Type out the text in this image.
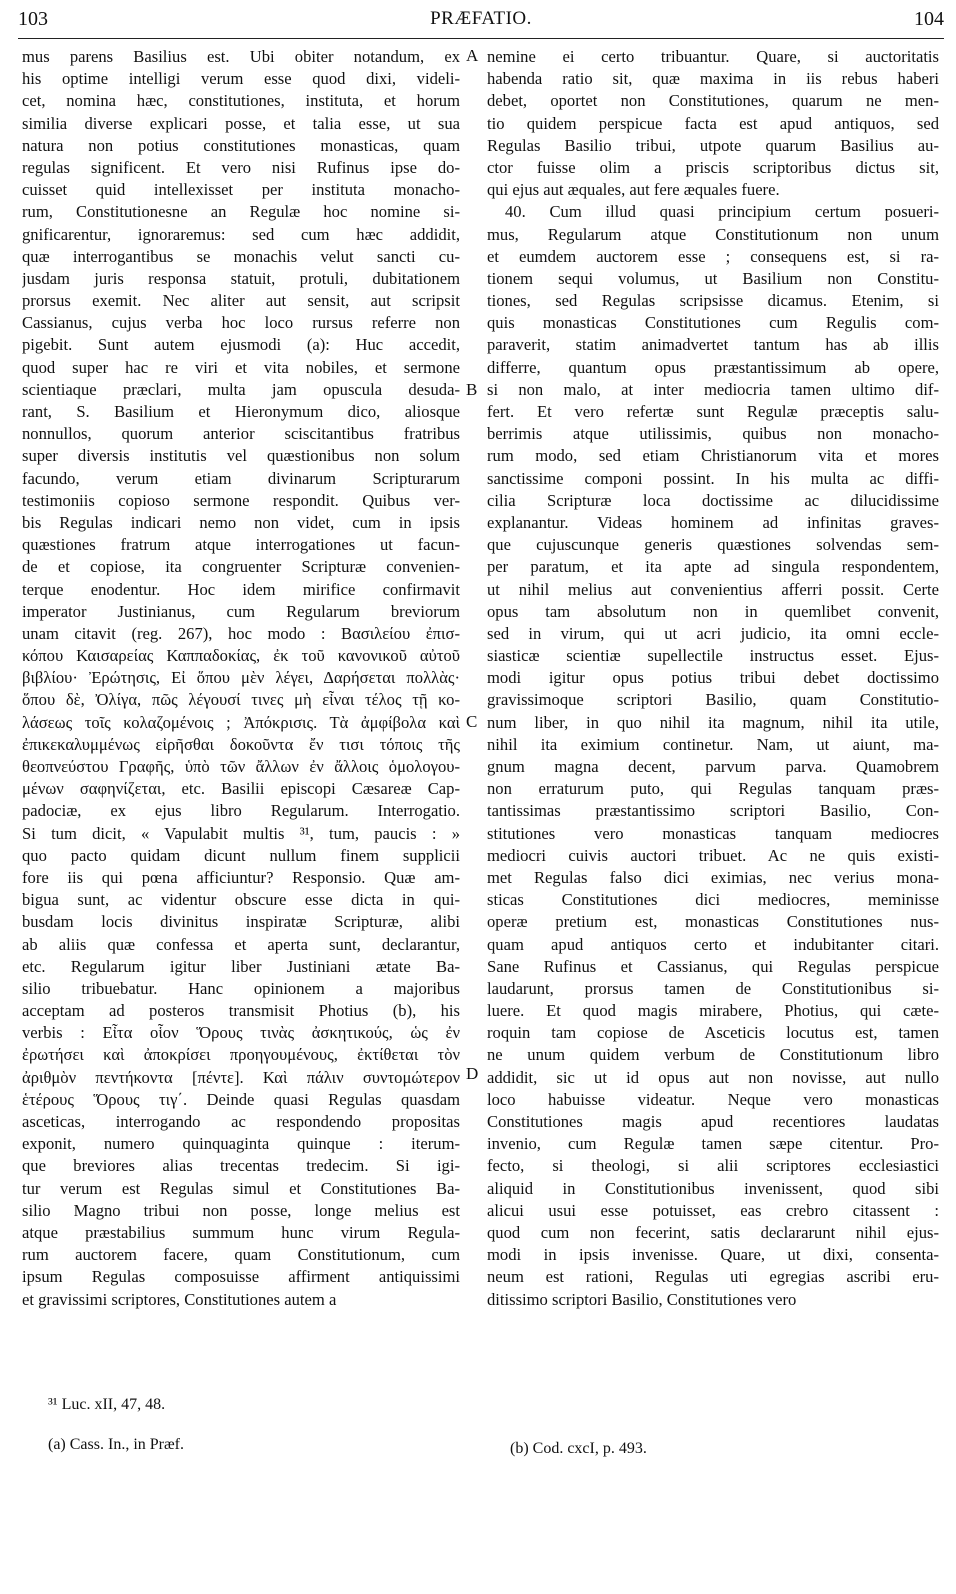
103	PRÆFATIO.	104
mus parens Basilius est. Ubi obiter notandum, ex
his optime intelligi verum esse quod dixi, videli-
cet, nomina hæc, constitutiones, instituta, et horum
similia diverse explicari posse, et talia esse, ut sua
natura non potius constitutiones monasticas, quam
regulas significent. Et vero nisi Rufinus ipse do-
cuisset quid intellexisset per instituta monacho-
rum, Constitutionesne an Regulæ hoc nomine si-
gnificarentur, ignoraremus: sed cum hæc addidit,
quæ interrogantibus se monachis velut sancti cu-
jusdam juris responsa statuit, protuli, dubitationem
prorsus exemit. Nec aliter aut sensit, aut scripsit
Cassianus, cujus verba hoc loco rursus referre non
pigebit. Sunt autem ejusmodi (a): Huc accedit,
quod super hac re viri et vita nobiles, et sermone
scientiaque præclari, multa jam opuscula desuda-
rant, S. Basilium et Hieronymum dico, aliosque
nonnullos, quorum anterior sciscitantibus fratribus
super diversis institutis vel quæstionibus non solum
facundo, verum etiam divinarum Scripturarum
testimoniis copioso sermone respondit. Quibus ver-
bis Regulas indicari nemo non videt, cum in ipsis
quæstiones fratrum atque interrogationes ut facun-
de et copiose, ita congruenter Scripturæ convenien-
terque enodentur. Hoc idem mirifice confirmavit
imperator Justinianus, cum Regularum breviorum
unam citavit (reg. 267), hoc modo : Βασιλείου ἐπισ-
κόπου Καισαρείας Καππαδοκίας, ἐκ τοῦ κανονικοῦ αὐτοῦ
βιβλίου· Ἐρώτησις, Εἰ ὅπου μὲν λέγει, Δαρήσεται πολλὰς·
ὅπου δὲ, Ὀλίγα, πῶς λέγουσί τινες μὴ εἶναι τέλος τῇ κο-
λάσεως τοῖς κολαζομένοις ; Ἀπόκρισις. Τὰ ἀμφίβολα καὶ
ἐπικεκαλυμμένως εἰρῆσθαι δοκοῦντα ἔν τισι τόποις τῆς
θεοπνεύστου Γραφῆς, ὑπὸ τῶν ἄλλων ἐν ἄλλοις ὁμολογου-
μένων σαφηνίζεται, etc. Basilii episcopi Cæsareæ Cap-
padociæ, ex ejus libro Regularum. Interrogatio.
Si tum dicit, « Vapulabit multis ³¹, tum, paucis : »
quo pacto quidam dicunt nullum finem supplicii
fore iis qui pœna afficiuntur? Responsio. Quæ am-
bigua sunt, ac videntur obscure esse dicta in qui-
busdam locis divinitus inspiratæ Scripturæ, alibi
ab aliis quæ confessa et aperta sunt, declarantur,
etc. Regularum igitur liber Justiniani ætate Ba-
silio tribuebatur. Hanc opinionem a majoribus
acceptam ad posteros transmisit Photius (b), his
verbis : Εἶτα οἷον Ὅρους τινὰς ἀσκητικούς, ὡς ἐν
ἐρωτήσει καὶ ἀποκρίσει προηγουμένους, ἐκτίθεται τὸν
ἀριθμὸν πεντήκοντα [πέντε]. Καὶ πάλιν συντομώτερον
ἑτέρους Ὅρους τιγ΄. Deinde quasi Regulas quasdam
asceticas, interrogando ac respondendo propositas
exponit, numero quinquaginta quinque : iterum-
que breviores alias trecentas tredecim. Si igi-
tur verum est Regulas simul et Constitutiones Ba-
silio Magno tribui non posse, longe melius est
atque præstabilius summum hunc virum Regula-
rum auctorem facere, quam Constitutionum, cum
ipsum Regulas composuisse affirment antiquissimi
et gravissimi scriptores, Constitutiones autem a
nemine ei certo tribuantur. Quare, si auctoritatis
habenda ratio sit, quæ maxima in iis rebus haberi
debet, oportet non Constitutiones, quarum ne men-
tio quidem perspicue facta est apud antiquos, sed
Regulas Basilio tribui, utpote quarum Basilius au-
ctor fuisse olim a priscis scriptoribus dictus sit,
qui ejus aut æquales, aut fere æquales fuere.
40. Cum illud quasi principium certum posueri-
mus, Regularum atque Constitutionum non unum
et eumdem auctorem esse ; consequens est, si ra-
tionem sequi volumus, ut Basilium non Constitu-
tiones, sed Regulas scripsisse dicamus. Etenim, si
quis monasticas Constitutiones cum Regulis com-
paraverit, statim animadvertet tantum has ab illis
differre, quantum opus præstantissimum ab opere,
si non malo, at inter mediocria tamen ultimo dif-
fert. Et vero refertæ sunt Regulæ præceptis salu-
berrimis atque utilissimis, quibus non monacho-
rum modo, sed etiam Christianorum vita et mores
sanctissime componi possint. In his multa ac diffi-
cilia Scripturæ loca doctissime ac dilucidissime
explanantur. Videas hominem ad infinitas graves-
que cujuscunque generis quæstiones solvendas sem-
per paratum, et ita apte ad singula respondentem,
ut nihil melius aut convenientius afferri possit. Certe
opus tam absolutum non in quemlibet convenit,
sed in virum, qui ut acri judicio, ita omni eccle-
siasticæ scientiæ supellectile instructus esset. Ejus-
modi igitur opus potius tribui debet doctissimo
gravissimoque scriptori Basilio, quam Constitutio-
num liber, in quo nihil ita magnum, nihil ita utile,
nihil ita eximium continetur. Nam, ut aiunt, ma-
gnum magna decent, parvum parva. Quamobrem
non erraturum puto, qui Regulas tanquam præs-
tantissimas præstantissimo scriptori Basilio, Con-
stitutiones vero monasticas tanquam mediocres
mediocri cuivis auctori tribuet. Ac ne quis existi-
met Regulas falso dici eximias, nec verius mona-
sticas Constitutiones dici mediocres, meminisse
operæ pretium est, monasticas Constitutiones nus-
quam apud antiquos certo et indubitanter citari.
Sane Rufinus et Cassianus, qui Regulas perspicue
laudarunt, prorsus tamen de Constitutionibus si-
luere. Et quod magis mirabere, Photius, qui cæte-
roquin tam copiose de Asceticis locutus est, tamen
ne unum quidem verbum de Constitutionum libro
addidit, sic ut id opus aut non novisse, aut nullo
loco habuisse videatur. Neque vero monasticas
Constitutiones magis apud recentiores laudatas
invenio, cum Regulæ tamen sæpe citentur. Pro-
fecto, si theologi, si alii scriptores ecclesiastici
aliquid in Constitutionibus invenissent, quod sibi
alicui usui esse potuisset, eas crebro citassent :
quod cum non fecerint, satis declararunt nihil ejus-
modi in ipsis invenisse. Quare, ut dixi, consenta-
neum est rationi, Regulas uti egregias ascribi eru-
ditissimo scriptori Basilio, Constitutiones vero
A
B
C
D
³¹ Luc. xII, 47, 48.
(a) Cass. In., in Præf.	(b) Cod. cxcI, p. 493.
